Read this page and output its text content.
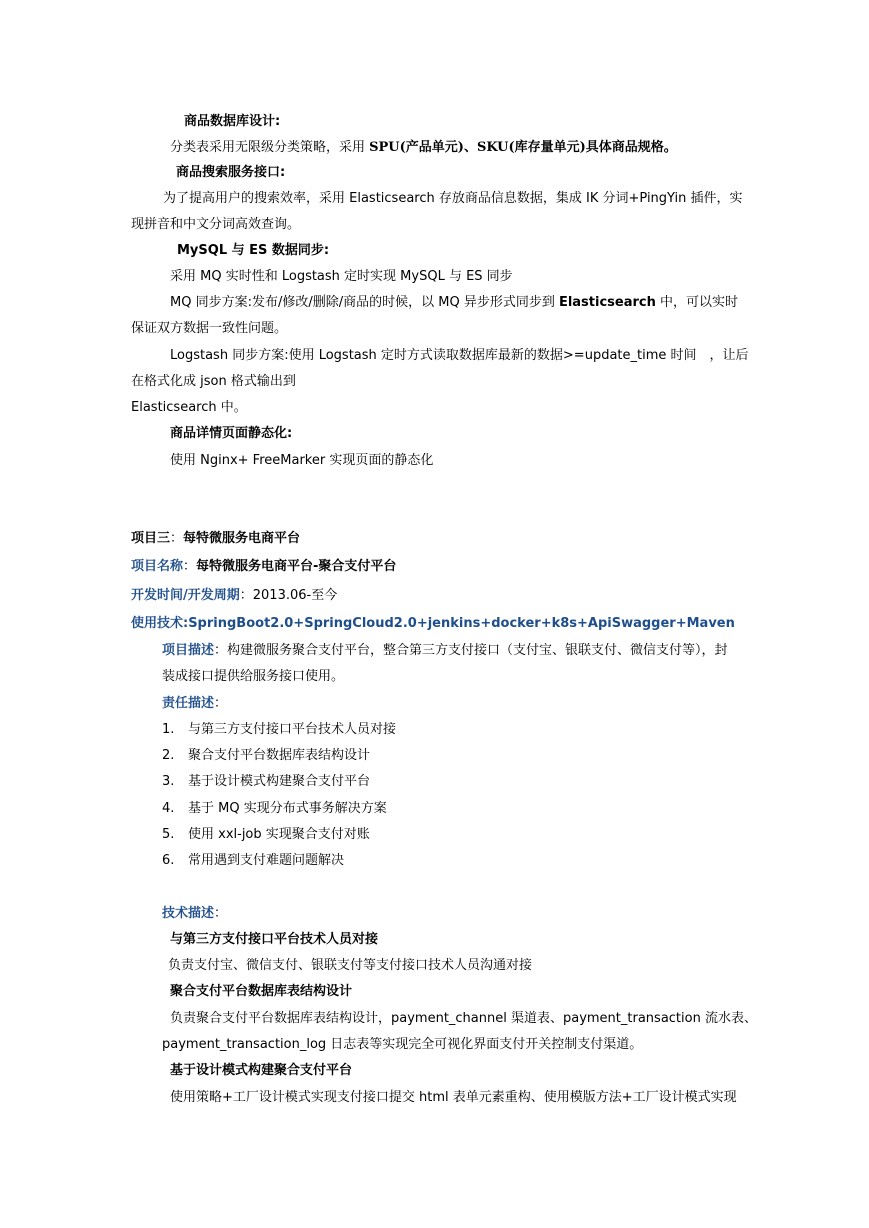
商品数据库设计:
分类表采用无限级分类策略，采用 SPU(产品单元)、SKU(库存量单元)具体商品规格。
商品搜索服务接口:
为了提高用户的搜索效率，采用 Elasticsearch 存放商品信息数据，集成 IK 分词+PingYin 插件，实
现拼音和中文分词高效查询。
MySQL 与 ES 数据同步:
采用 MQ 实时性和 Logstash 定时实现 MySQL 与 ES 同步
MQ 同步方案:发布/修改/删除/商品的时候，以 MQ 异步形式同步到 Elasticsearch 中，可以实时
保证双方数据一致性问题。
Logstash 同步方案:使用 Logstash 定时方式读取数据库最新的数据>=update_time 时间　，让后
在格式化成 json 格式输出到
Elasticsearch 中。
商品详情页面静态化:
使用 Nginx+ FreeMarker 实现页面的静态化
项目三：每特微服务电商平台
项目名称：每特微服务电商平台-聚合支付平台
开发时间/开发周期：2013.06-至今
使用技术:SpringBoot2.0+SpringCloud2.0+jenkins+docker+k8s+ApiSwagger+Maven
项目描述：构建微服务聚合支付平台，整合第三方支付接口（支付宝、银联支付、微信支付等），封
装成接口提供给服务接口使用。
责任描述：
1. 与第三方支付接口平台技术人员对接
2. 聚合支付平台数据库表结构设计
3. 基于设计模式构建聚合支付平台
4. 基于 MQ 实现分布式事务解决方案
5. 使用 xxl-job 实现聚合支付对账
6. 常用遇到支付难题问题解决
技术描述：
与第三方支付接口平台技术人员对接
负责支付宝、微信支付、银联支付等支付接口技术人员沟通对接
聚合支付平台数据库表结构设计
负责聚合支付平台数据库表结构设计，payment_channel 渠道表、payment_transaction 流水表、
payment_transaction_log 日志表等实现完全可视化界面支付开关控制支付渠道。
基于设计模式构建聚合支付平台
使用策略+工厂设计模式实现支付接口提交 html 表单元素重构、使用模版方法+工厂设计模式实现
